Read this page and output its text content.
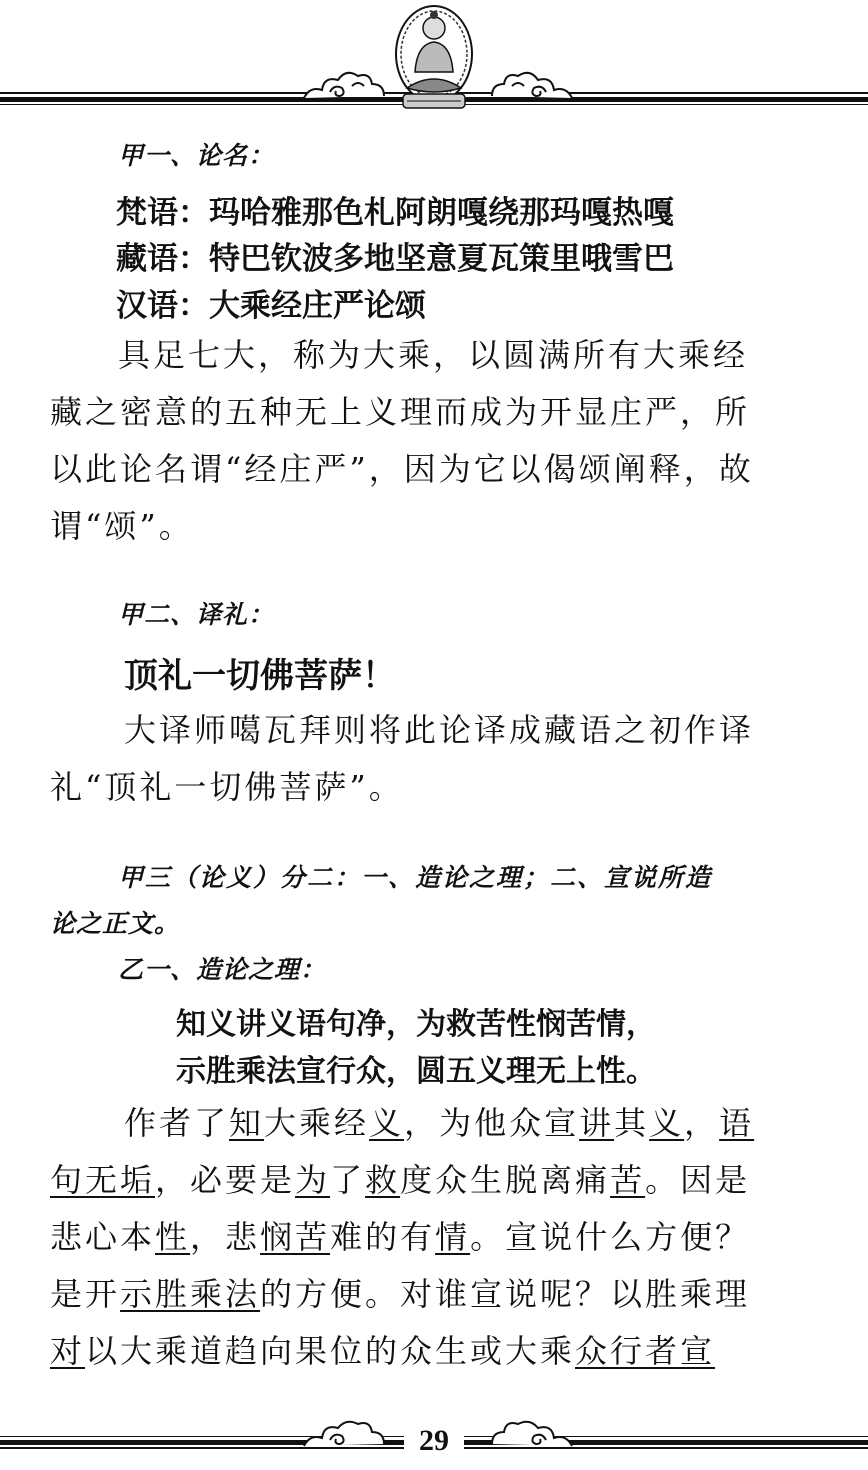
甲一、论名：
梵语：玛哈雅那色札阿朗嘎绕那玛嘎热嘎
藏语：特巴钦波多地坚意夏瓦策里哦雪巴
汉语：大乘经庄严论颂
具足七大，称为大乘，以圆满所有大乘经
藏之密意的五种无上义理而成为开显庄严，所
以此论名谓“经庄严”，因为它以偈颂阐释，故
谓“颂”。
甲二、译礼：
顶礼一切佛菩萨！
大译师噶瓦拜则将此论译成藏语之初作译
礼“顶礼一切佛菩萨”。
甲三（论义）分二：一、造论之理；二、宣说所造
论之正文。
乙一、造论之理：
知义讲义语句净，为救苦性悯苦情，
示胜乘法宣行众，圆五义理无上性。
作者了知大乘经义，为他众宣讲其义，语
句无垢，必要是为了救度众生脱离痛苦。因是
悲心本性，悲悯苦难的有情。宣说什么方便？
是开示胜乘法的方便。对谁宣说呢？以胜乘理
对以大乘道趋向果位的众生或大乘众行者宣
29
